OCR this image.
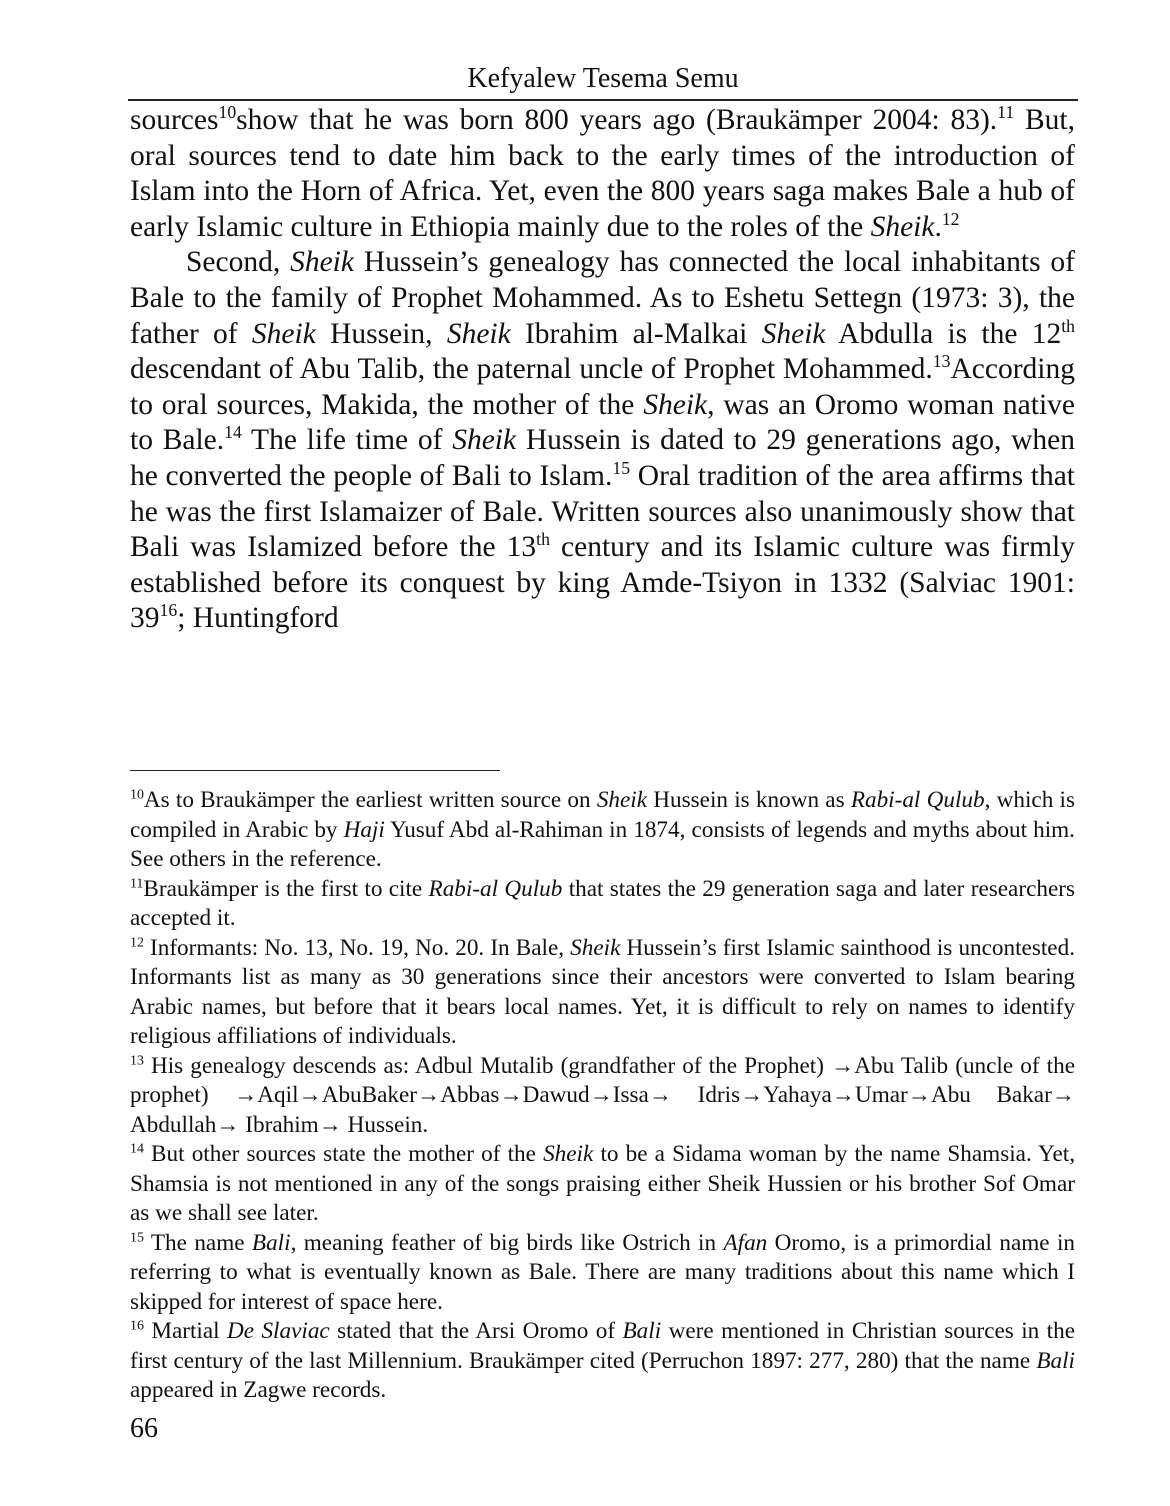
Kefyalew Tesema Semu

sources$^{10}$show that he was born 800 years ago (Braukämper 2004: 83).$^{11}$ But, oral sources tend to date him back to the early times of the introduction of Islam into the Horn of Africa. Yet, even the 800 years saga makes Bale a hub of early Islamic culture in Ethiopia mainly due to the roles of the Sheik.$^{12}$

Second, Sheik Hussein’s genealogy has connected the local inhabitants of Bale to the family of Prophet Mohammed. As to Eshetu Settegn (1973: 3), the father of Sheik Hussein, Sheik Ibrahim al-Malkai Sheik Abdulla is the 12th descendant of Abu Talib, the paternal uncle of Prophet Mohammed.$^{13}$According to oral sources, Makida, the mother of the Sheik, was an Oromo woman native to Bale.$^{14}$ The life time of Sheik Hussein is dated to 29 generations ago, when he converted the people of Bali to Islam.$^{15}$ Oral tradition of the area affirms that he was the first Islamaizer of Bale. Written sources also unanimously show that Bali was Islamized before the 13th century and its Islamic culture was firmly established before its conquest by king Amde-Tsiyon in 1332 (Salviac 1901: $39^{16}$; Huntingford

$^{10}$As to Braukämper the earliest written source on Sheik Hussein is known as Rabi-al Qulub, which is compiled in Arabic by Haji Yusuf Abd al-Rahiman in 1874, consists of legends and myths about him. See others in the reference.

$^{11}$Braukämper is the first to cite Rabi-al Qulub that states the 29 generation saga and later researchers accepted it.

$^{12}$ Informants: No. 13, No. 19, No. 20. In Bale, Sheik Hussein’s first Islamic sainthood is uncontested. Informants list as many as 30 generations since their ancestors were converted to Islam bearing Arabic names, but before that it bears local names. Yet, it is difficult to rely on names to identify religious affiliations of individuals.

$^{13}$ His genealogy descends as: Adbul Mutalib (grandfather of the Prophet) →Abu Talib (uncle of the prophet) →Aqil→AbuBaker→Abbas→Dawud→Issa→ Idris→Yahaya→Umar→Abu Bakar→ Abdullah→ Ibrahim→ Hussein.

$^{14}$ But other sources state the mother of the Sheik to be a Sidama woman by the name Shamsia. Yet, Shamsia is not mentioned in any of the songs praising either Sheik Hussien or his brother Sof Omar as we shall see later.

$^{15}$ The name Bali, meaning feather of big birds like Ostrich in Afan Oromo, is a primordial name in referring to what is eventually known as Bale. There are many traditions about this name which I skipped for interest of space here.

$^{16}$ Martial De Slaviac stated that the Arsi Oromo of Bali were mentioned in Christian sources in the first century of the last Millennium. Braukämper cited (Perruchon 1897: 277, 280) that the name Bali appeared in Zagwe records.

66
